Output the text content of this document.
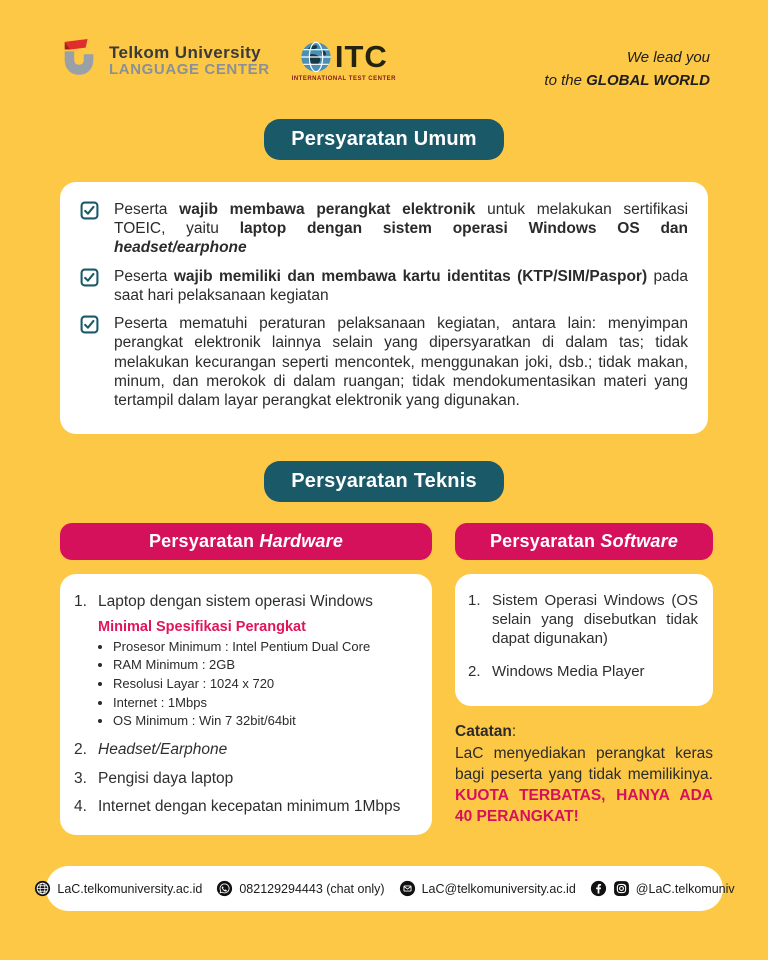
Telkom University
LANGUAGE CENTER ITC
INTERNATIONAL TEST CENTER
We lead you
to the GLOBAL WORLD
Persyaratan Umum
Peserta wajib membawa perangkat elektronik untuk melakukan sertifikasi TOEIC, yaitu laptop dengan sistem operasi Windows OS dan headset/earphone
Peserta wajib memiliki dan membawa kartu identitas (KTP/SIM/Paspor) pada saat hari pelaksanaan kegiatan
Peserta mematuhi peraturan pelaksanaan kegiatan, antara lain: menyimpan perangkat elektronik lainnya selain yang dipersyaratkan di dalam tas; tidak melakukan kecurangan seperti mencontek, menggunakan joki, dsb.; tidak makan, minum, dan merokok di dalam ruangan; tidak mendokumentasikan materi yang tertampil dalam layar perangkat elektronik yang digunakan.
Persyaratan Teknis
Persyaratan Hardware
1. Laptop dengan sistem operasi Windows
Minimal Spesifikasi Perangkat
• Prosesor Minimum : Intel Pentium Dual Core
• RAM Minimum : 2GB
• Resolusi Layar : 1024 x 720
• Internet : 1Mbps
• OS Minimum : Win 7 32bit/64bit
2. Headset/Earphone
3. Pengisi daya laptop
4. Internet dengan kecepatan minimum 1Mbps
Persyaratan Software
1. Sistem Operasi Windows (OS selain yang disebutkan tidak dapat digunakan)
2. Windows Media Player
Catatan:
LaC menyediakan perangkat keras bagi peserta yang tidak memilikinya. KUOTA TERBATAS, HANYA ADA 40 PERANGKAT!
LaC.telkomuniversity.ac.id	082129294443 (chat only)	LaC@telkomuniversity.ac.id	@LaC.telkomuniv
